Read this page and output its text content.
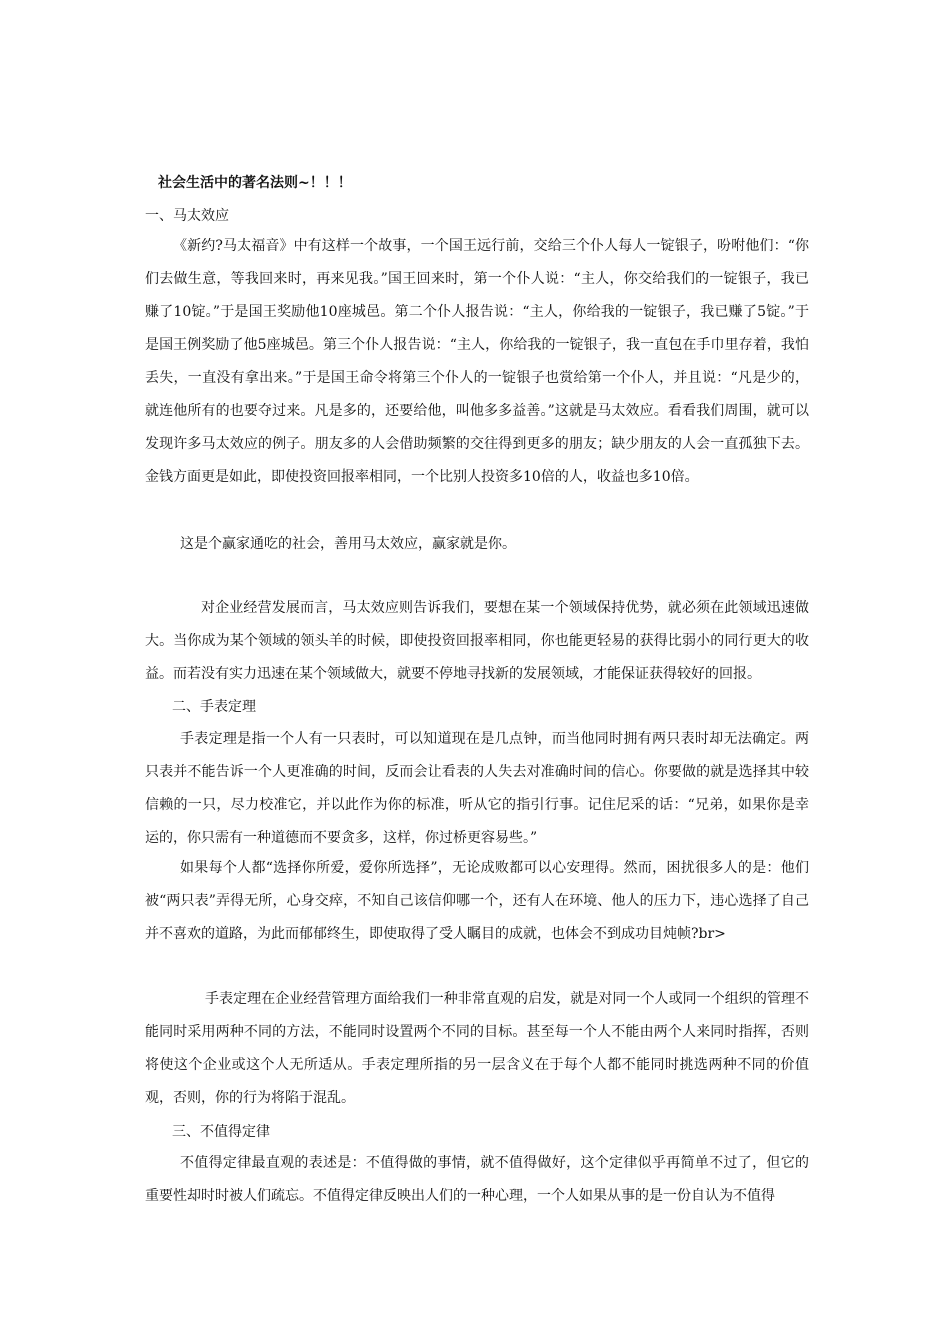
社会生活中的著名法则~！！！
一、马太效应

《新约?马太福音》中有这样一个故事，一个国王远行前，交给三个仆人每人一锭银子，吩咐他们：“你们去做生意，等我回来时，再来见我。”国王回来时，第一个仆人说：“主人，你交给我们的一锭银子，我已赚了10锭。”于是国王奖励他10座城邑。第二个仆人报告说：“主人，你给我的一锭银子，我已赚了5锭。”于是国王例奖励了他5座城邑。第三个仆人报告说：“主人，你给我的一锭银子，我一直包在手巾里存着，我怕丢失，一直没有拿出来。”于是国王命令将第三个仆人的一锭银子也赏给第一个仆人，并且说：“凡是少的，就连他所有的也要夺过来。凡是多的，还要给他，叫他多多益善。”这就是马太效应。看看我们周围，就可以发现许多马太效应的例子。朋友多的人会借助频繁的交往得到更多的朋友；缺少朋友的人会一直孤独下去。金钱方面更是如此，即使投资回报率相同，一个比别人投资多10倍的人，收益也多10倍。

这是个赢家通吃的社会，善用马太效应，赢家就是你。

对企业经营发展而言，马太效应则告诉我们，要想在某一个领域保持优势，就必须在此领域迅速做大。当你成为某个领域的领头羊的时候，即使投资回报率相同，你也能更轻易的获得比弱小的同行更大的收益。而若没有实力迅速在某个领域做大，就要不停地寻找新的发展领域，才能保证获得较好的回报。

二、手表定理

手表定理是指一个人有一只表时，可以知道现在是几点钟，而当他同时拥有两只表时却无法确定。两只表并不能告诉一个人更准确的时间，反而会让看表的人失去对准确时间的信心。你要做的就是选择其中较信赖的一只，尽力校准它，并以此作为你的标准，听从它的指引行事。记住尼采的话：“兄弟，如果你是幸运的，你只需有一种道德而不要贪多，这样，你过桥更容易些。”

如果每个人都“选择你所爱，爱你所选择”，无论成败都可以心安理得。然而，困扰很多人的是：他们被“两只表”弄得无所，心身交瘁，不知自己该信仰哪一个，还有人在环境、他人的压力下，违心选择了自己并不喜欢的道路，为此而郁郁终生，即使取得了受人瞩目的成就，也体会不到成功目炖帧?br>

手表定理在企业经营管理方面给我们一种非常直观的启发，就是对同一个人或同一个组织的管理不能同时采用两种不同的方法，不能同时设置两个不同的目标。甚至每一个人不能由两个人来同时指挥，否则将使这个企业或这个人无所适从。手表定理所指的另一层含义在于每个人都不能同时挑选两种不同的价值观，否则，你的行为将陷于混乱。

三、不值得定律

不值得定律最直观的表述是：不值得做的事情，就不值得做好，这个定律似乎再简单不过了，但它的重要性却时时被人们疏忘。不值得定律反映出人们的一种心理，一个人如果从事的是一份自认为不值得
